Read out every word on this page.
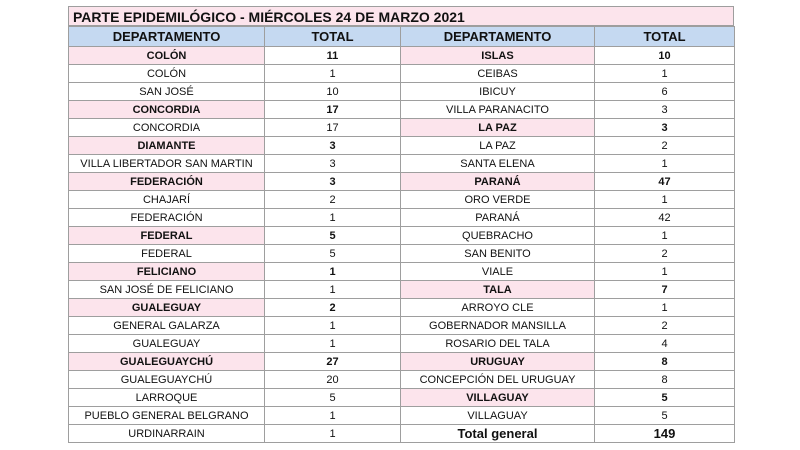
PARTE EPIDEMILÓGICO - MIÉRCOLES 24 DE MARZO 2021
DEPARTAMENTO	TOTAL	DEPARTAMENTO	TOTAL
COLÓN	11	ISLAS	10
COLÓN	1	CEIBAS	1
SAN JOSÉ	10	IBICUY	6
CONCORDIA	17	VILLA PARANACITO	3
CONCORDIA	17	LA PAZ	3
DIAMANTE	3	LA PAZ	2
VILLA LIBERTADOR SAN MARTIN	3	SANTA ELENA	1
FEDERACIÓN	3	PARANÁ	47
CHAJARÍ	2	ORO VERDE	1
FEDERACIÓN	1	PARANÁ	42
FEDERAL	5	QUEBRACHO	1
FEDERAL	5	SAN BENITO	2
FELICIANO	1	VIALE	1
SAN JOSÉ DE FELICIANO	1	TALA	7
GUALEGUAY	2	ARROYO CLE	1
GENERAL GALARZA	1	GOBERNADOR MANSILLA	2
GUALEGUAY	1	ROSARIO DEL TALA	4
GUALEGUAYCHÚ	27	URUGUAY	8
GUALEGUAYCHÚ	20	CONCEPCIÓN DEL URUGUAY	8
LARROQUE	5	VILLAGUAY	5
PUEBLO GENERAL BELGRANO	1	VILLAGUAY	5
URDINARRAIN	1	Total general	149
